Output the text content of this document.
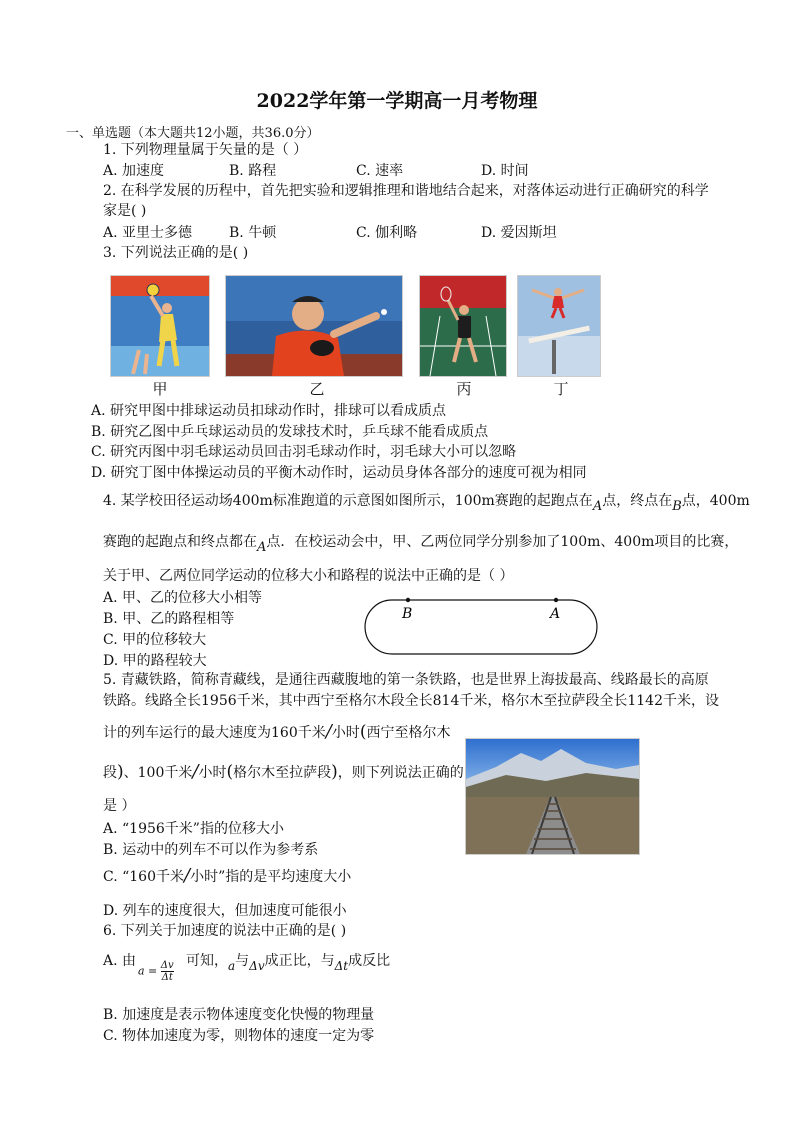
2022学年第一学期高一月考物理
一、单选题（本大题共12小题，共36.0分）
1. 下列物理量属于矢量的是（ ）
A. 加速度	B. 路程	C. 速率	D. 时间
2. 在科学发展的历程中，首先把实验和逻辑推理和谐地结合起来，对落体运动进行正确研究的科学
家是( )
A. 亚里士多德	B. 牛顿	C. 伽利略	D. 爱因斯坦
3. 下列说法正确的是( )
甲	乙	丙	丁
A. 研究甲图中排球运动员扣球动作时，排球可以看成质点
B. 研究乙图中乒乓球运动员的发球技术时，乒乓球不能看成质点
C. 研究丙图中羽毛球运动员回击羽毛球动作时，羽毛球大小可以忽略
D. 研究丁图中体操运动员的平衡木动作时，运动员身体各部分的速度可视为相同
4. 某学校田径运动场400m标准跑道的示意图如图所示，100m赛跑的起跑点在A点，终点在B点，400m
赛跑的起跑点和终点都在A点．在校运动会中，甲、乙两位同学分别参加了100m、400m项目的比赛，
关于甲、乙两位同学运动的位移大小和路程的说法中正确的是（ ）
B	A
A. 甲、乙的位移大小相等
B. 甲、乙的路程相等
C. 甲的位移较大
D. 甲的路程较大
5. 青藏铁路，简称青藏线，是通往西藏腹地的第一条铁路，也是世界上海拔最高、线路最长的高原
铁路。线路全长1956千米，其中西宁至格尔木段全长814千米，格尔木至拉萨段全长1142千米，设
计的列车运行的最大速度为160千米/小时(西宁至格尔木
段)、100千米/小时(格尔木至拉萨段)，则下列说法正确的
是 ）
A. “1956千米”指的位移大小
B. 运动中的列车不可以作为参考系
C. “160千米/小时”指的是平均速度大小
D. 列车的速度很大，但加速度可能很小
6. 下列关于加速度的说法中正确的是( )
A. 由
$a = \frac{\Delta v}{\Delta t}$ 可知，a与Δv成正比，与Δt成反比
B. 加速度是表示物体速度变化快慢的物理量
C. 物体加速度为零，则物体的速度一定为零
